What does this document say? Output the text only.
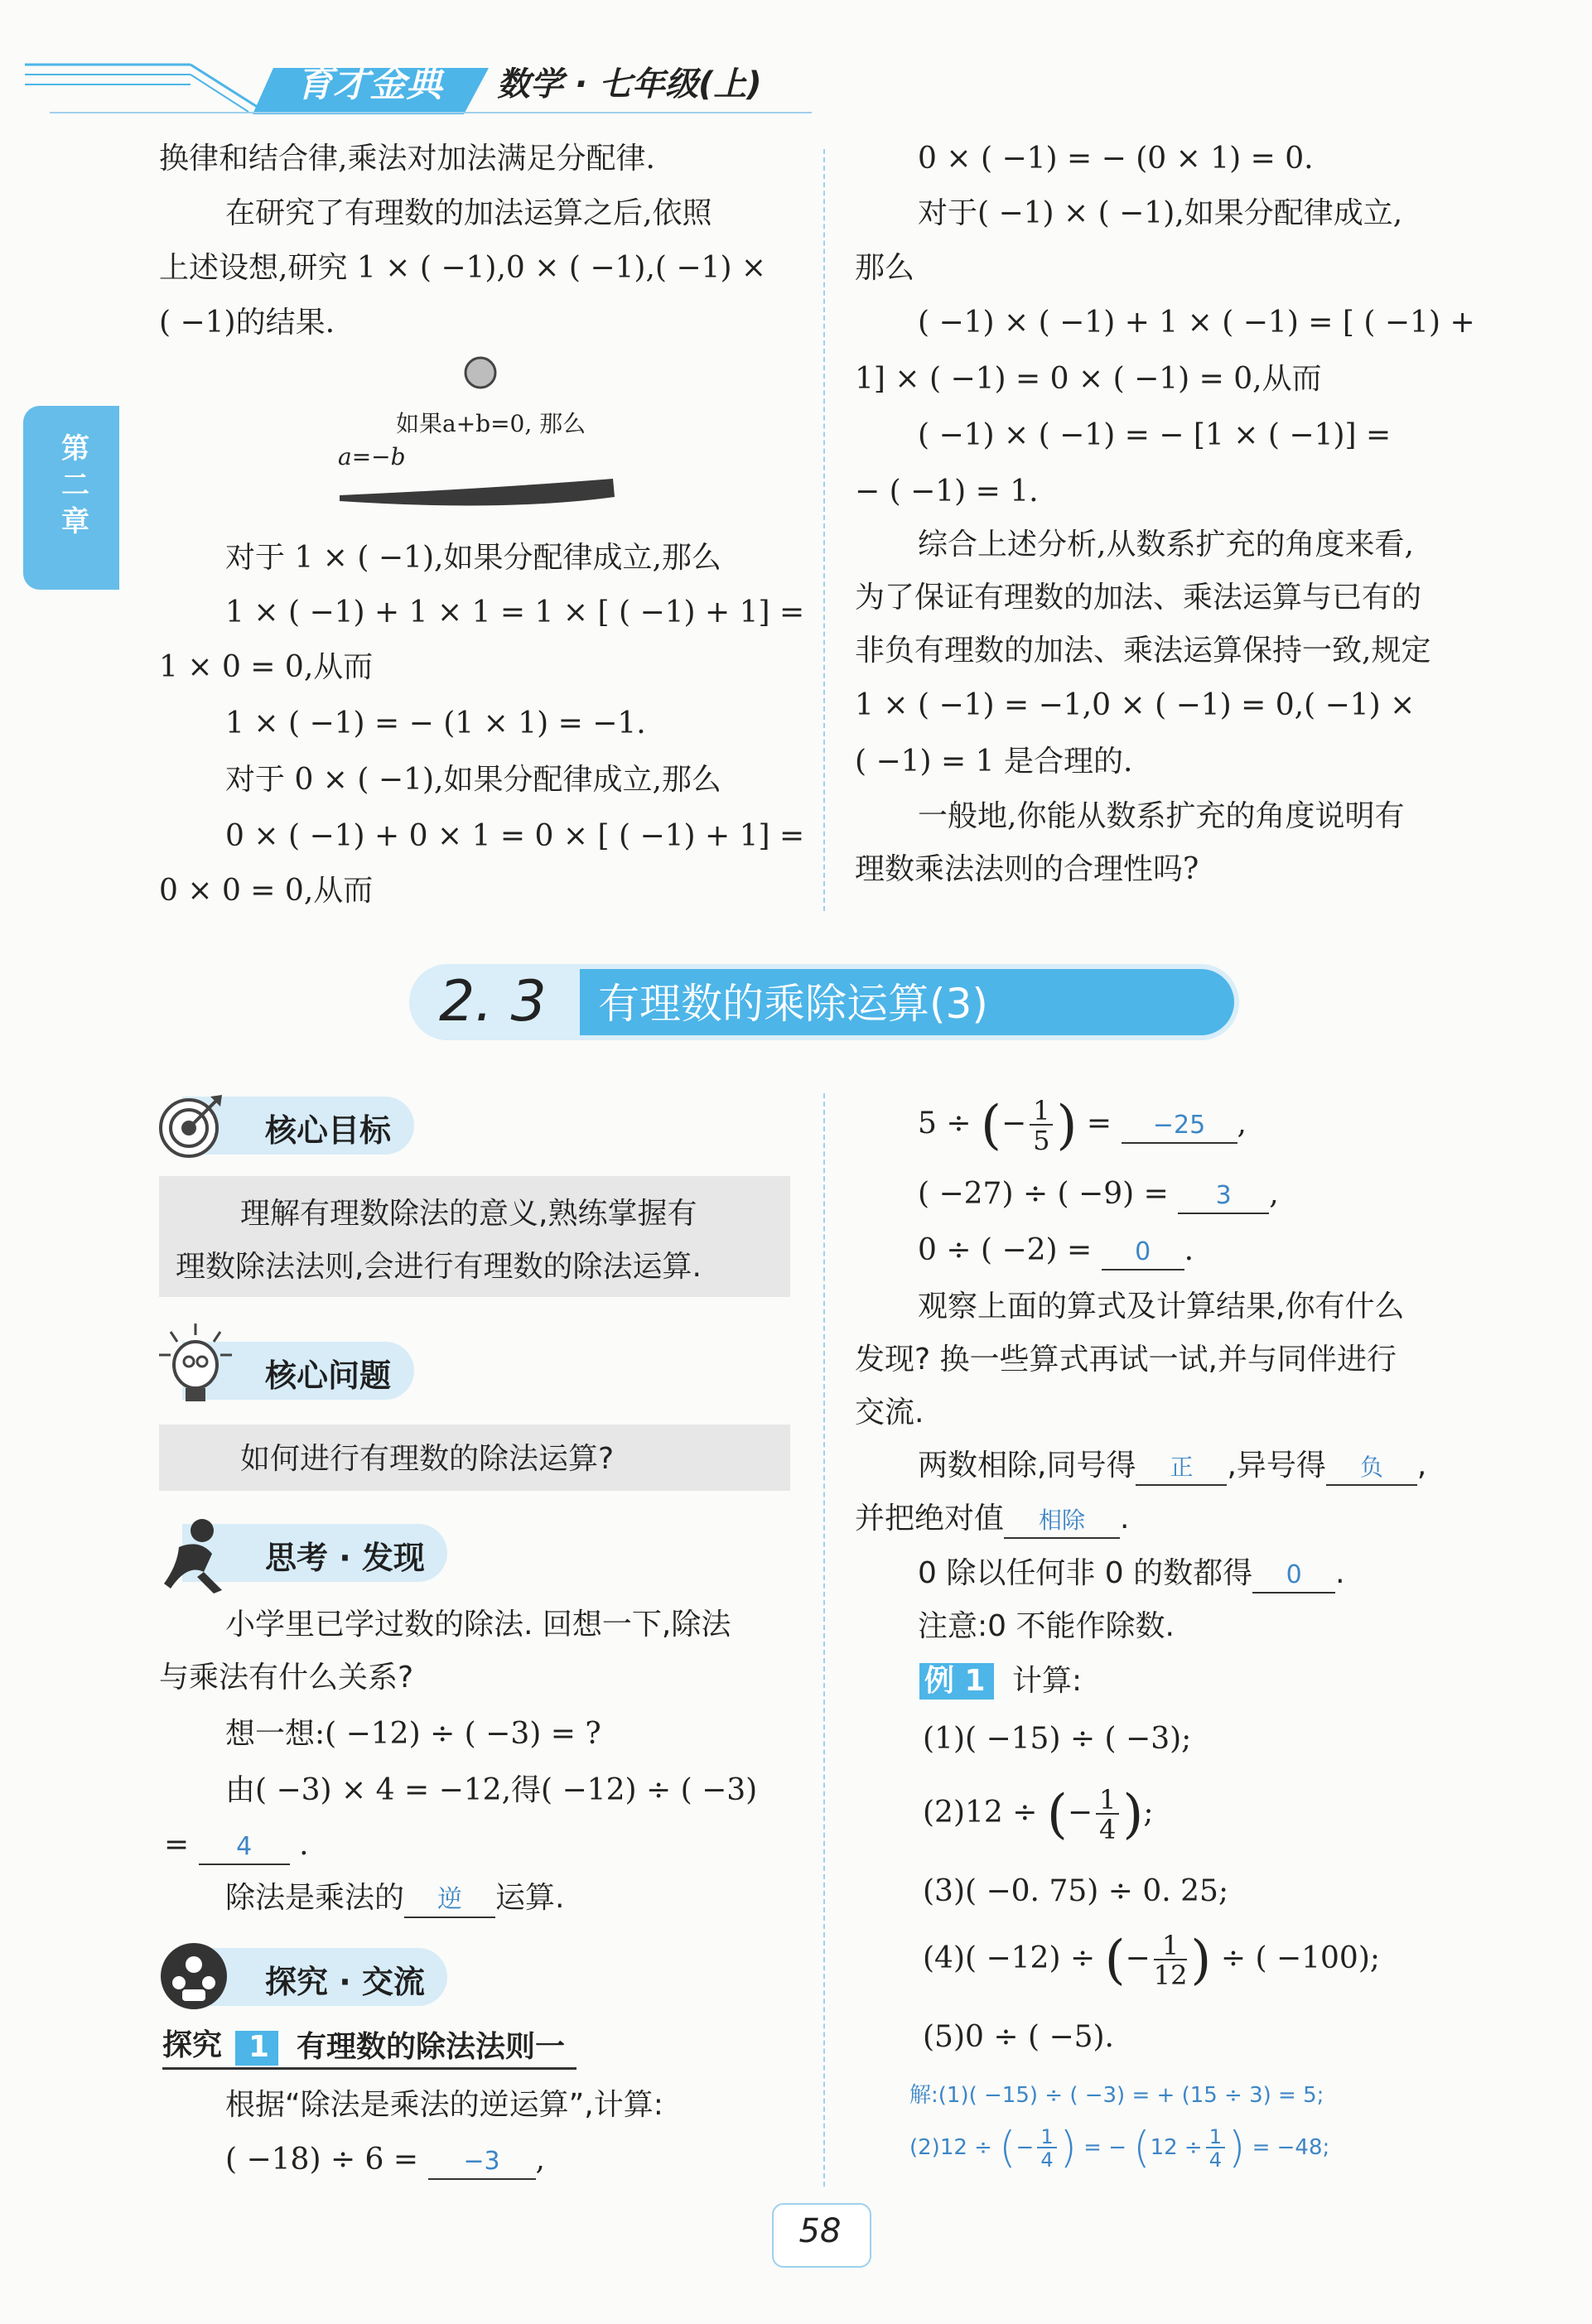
育才金典 数学 · 七年级(上)
第二章
换律和结合律,乘法对加法满足分配律.
在研究了有理数的加法运算之后,依照
上述设想,研究 1 × ( −1),0 × ( −1),( −1) ×
( −1)的结果.
如果a+b=0, 那么
a=−b
对于 1 × ( −1),如果分配律成立,那么
1 × ( −1) + 1 × 1 = 1 × [ ( −1) + 1] =
1 × 0 = 0,从而
1 × ( −1) = − (1 × 1) = −1.
对于 0 × ( −1),如果分配律成立,那么
0 × ( −1) + 0 × 1 = 0 × [ ( −1) + 1] =
0 × 0 = 0,从而
0 × ( −1) = − (0 × 1) = 0.
对于( −1) × ( −1),如果分配律成立,
那么
( −1) × ( −1) + 1 × ( −1) = [ ( −1) +
1] × ( −1) = 0 × ( −1) = 0,从而
( −1) × ( −1) = − [1 × ( −1)] =
− ( −1) = 1.
综合上述分析,从数系扩充的角度来看,
为了保证有理数的加法、乘法运算与已有的
非负有理数的加法、乘法运算保持一致,规定
1 × ( −1) = −1,0 × ( −1) = 0,( −1) ×
( −1) = 1 是合理的.
一般地,你能从数系扩充的角度说明有
理数乘法法则的合理性吗?
2. 3 有理数的乘除运算(3)
核心目标
理解有理数除法的意义,熟练掌握有
理数除法法则,会进行有理数的除法运算.
核心问题
如何进行有理数的除法运算?
思考 · 发现
小学里已学过数的除法. 回想一下,除法
与乘法有什么关系?
想一想:( −12) ÷ ( −3) = ?
由( −3) × 4 = −12,得( −12) ÷ ( −3)
= 4 .
除法是乘法的 逆 运算.
探究 · 交流
探究 1 有理数的除法法则一
根据“除法是乘法的逆运算”,计算:
( −18) ÷ 6 = −3 ,
5 ÷ (− $\frac{1}{5}$ ) = −25 ,
( −27) ÷ ( −9) = 3 ,
0 ÷ ( −2) = 0 .
观察上面的算式及计算结果,你有什么
发现? 换一些算式再试一试,并与同伴进行
交流.
两数相除,同号得 正 ,异号得 负 ,
并把绝对值 相除 .
0 除以任何非 0 的数都得 0 .
注意:0 不能作除数.
例 1 计算:
(1)( −15) ÷ ( −3);
(2)12 ÷ (− $\frac{1}{4}$ );
(3)( −0. 75) ÷ 0. 25;
(4)( −12) ÷ (− $\frac{1}{12}$ ) ÷ ( −100);
(5)0 ÷ ( −5).
解:(1)( −15) ÷ ( −3) = + (15 ÷ 3) = 5;
(2)12 ÷ (− $\frac{1}{4}$ ) = − ($12 \div \frac{1}{4}$ ) = −48;
58
